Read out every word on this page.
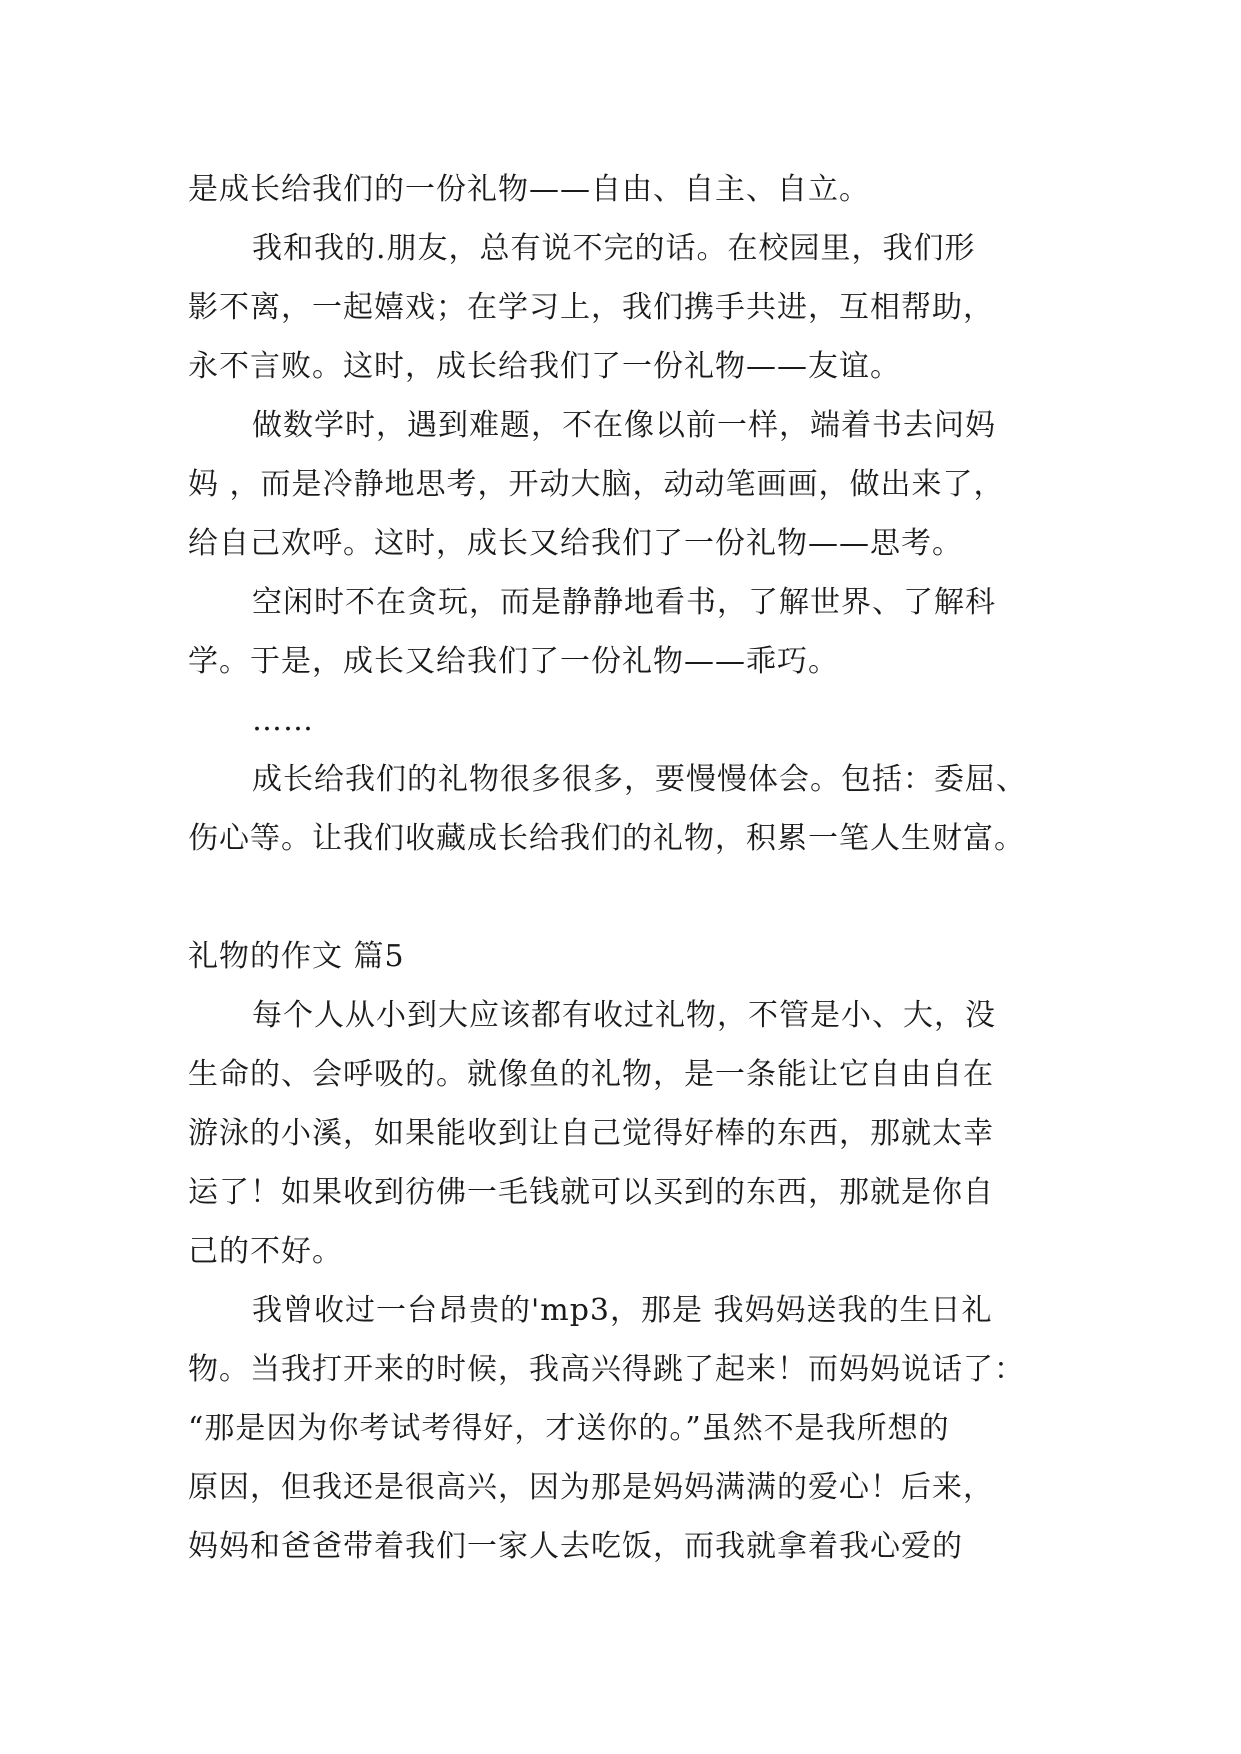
是成长给我们的一份礼物——自由、自主、自立。
我和我的.朋友，总有说不完的话。在校园里，我们形
影不离，一起嬉戏；在学习上，我们携手共进，互相帮助，
永不言败。这时，成长给我们了一份礼物——友谊。
做数学时，遇到难题，不在像以前一样，端着书去问妈
妈 ，而是冷静地思考，开动大脑，动动笔画画，做出来了，
给自己欢呼。这时，成长又给我们了一份礼物——思考。
空闲时不在贪玩，而是静静地看书，了解世界、了解科
学。于是，成长又给我们了一份礼物——乖巧。
……
成长给我们的礼物很多很多，要慢慢体会。包括：委屈、
伤心等。让我们收藏成长给我们的礼物，积累一笔人生财富。
礼物的作文 篇5
每个人从小到大应该都有收过礼物，不管是小、大，没
生命的、会呼吸的。就像鱼的礼物，是一条能让它自由自在
游泳的小溪，如果能收到让自己觉得好棒的东西，那就太幸
运了！如果收到彷佛一毛钱就可以买到的东西，那就是你自
己的不好。
我曾收过一台昂贵的'mp3，那是 我妈妈送我的生日礼
物。当我打开来的时候，我高兴得跳了起来！而妈妈说话了：
“那是因为你考试考得好，才送你的。”虽然不是我所想的
原因，但我还是很高兴，因为那是妈妈满满的爱心！后来，
妈妈和爸爸带着我们一家人去吃饭，而我就拿着我心爱的
